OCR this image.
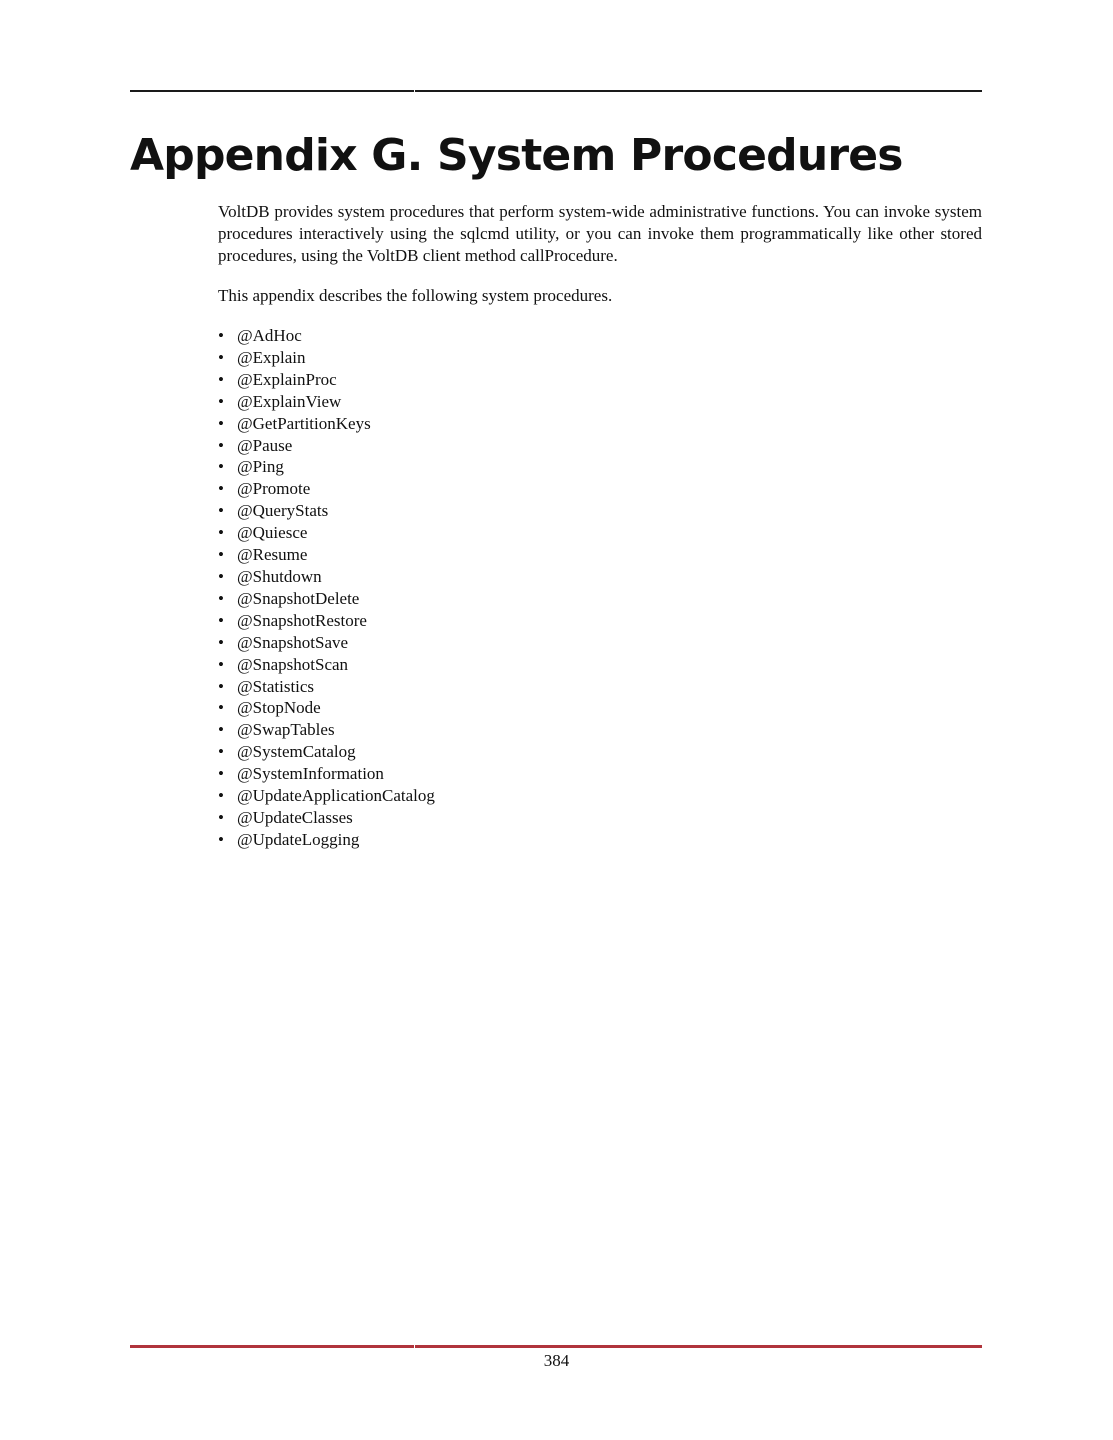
Appendix G. System Procedures

VoltDB provides system procedures that perform system-wide administrative functions. You can invoke system procedures interactively using the sqlcmd utility, or you can invoke them programmatically like other stored procedures, using the VoltDB client method callProcedure.

This appendix describes the following system procedures.

• @AdHoc
• @Explain
• @ExplainProc
• @ExplainView
• @GetPartitionKeys
• @Pause
• @Ping
• @Promote
• @QueryStats
• @Quiesce
• @Resume
• @Shutdown
• @SnapshotDelete
• @SnapshotRestore
• @SnapshotSave
• @SnapshotScan
• @Statistics
• @StopNode
• @SwapTables
• @SystemCatalog
• @SystemInformation
• @UpdateApplicationCatalog
• @UpdateClasses
• @UpdateLogging
384
